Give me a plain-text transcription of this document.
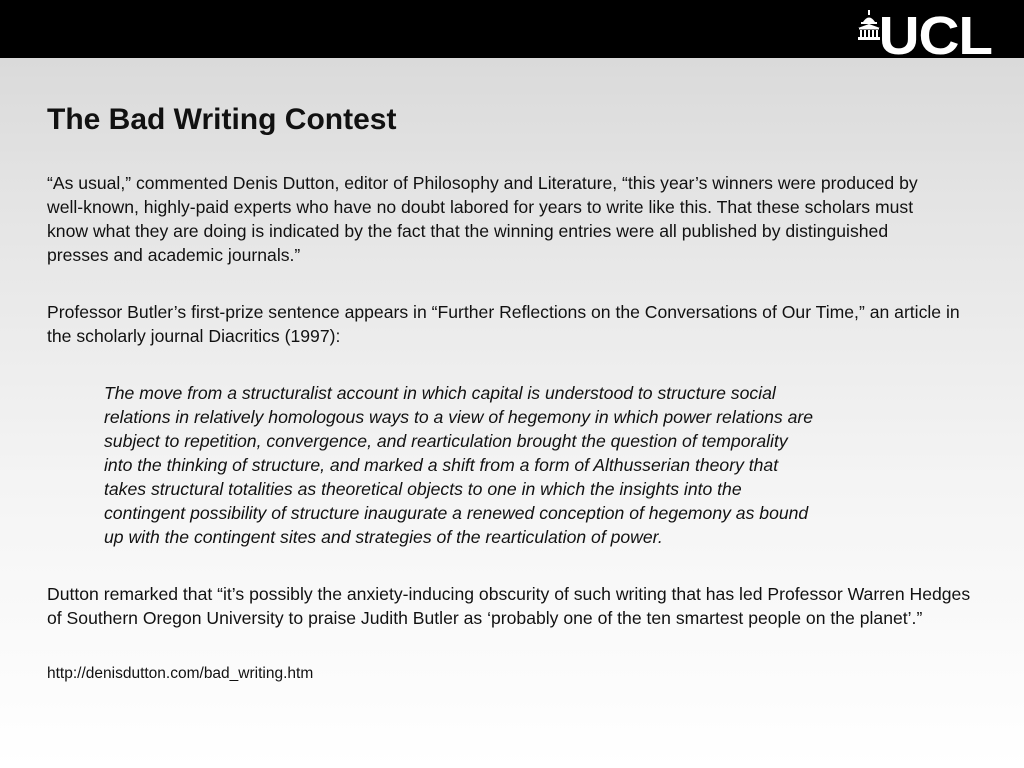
UCL
The Bad Writing Contest

“As usual,” commented Denis Dutton, editor of Philosophy and Literature, “this year’s winners were produced by well-known, highly-paid experts who have no doubt labored for years to write like this. That these scholars must know what they are doing is indicated by the fact that the winning entries were all published by distinguished presses and academic journals.”

Professor Butler’s first-prize sentence appears in “Further Reflections on the Conversations of Our Time,” an article in the scholarly journal Diacritics (1997):

The move from a structuralist account in which capital is understood to structure social
relations in relatively homologous ways to a view of hegemony in which power relations are
subject to repetition, convergence, and rearticulation brought the question of temporality
into the thinking of structure, and marked a shift from a form of Althusserian theory that
takes structural totalities as theoretical objects to one in which the insights into the
contingent possibility of structure inaugurate a renewed conception of hegemony as bound
up with the contingent sites and strategies of the rearticulation of power.

Dutton remarked that “it’s possibly the anxiety-inducing obscurity of such writing that has led Professor Warren Hedges of Southern Oregon University to praise Judith Butler as ‘probably one of the ten smartest people on the planet’.”

http://denisdutton.com/bad_writing.htm
